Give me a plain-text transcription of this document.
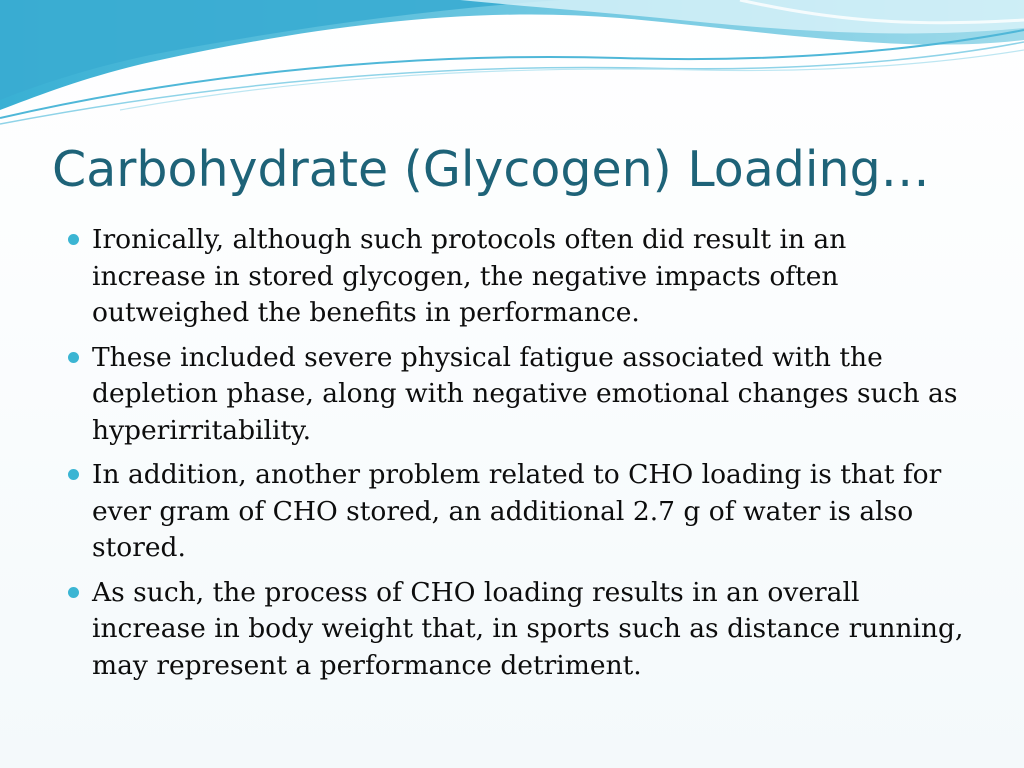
Carbohydrate (Glycogen) Loading…
Ironically, although such protocols often did result in an increase in stored glycogen, the negative impacts often outweighed the benefits in performance.
These included severe physical fatigue associated with the depletion phase, along with negative emotional changes such as hyperirritability.
In addition, another problem related to CHO loading is that for ever gram of CHO stored, an additional 2.7 g of water is also stored.
As such, the process of CHO loading results in an overall increase in body weight that, in sports such as distance running, may represent a performance detriment.
